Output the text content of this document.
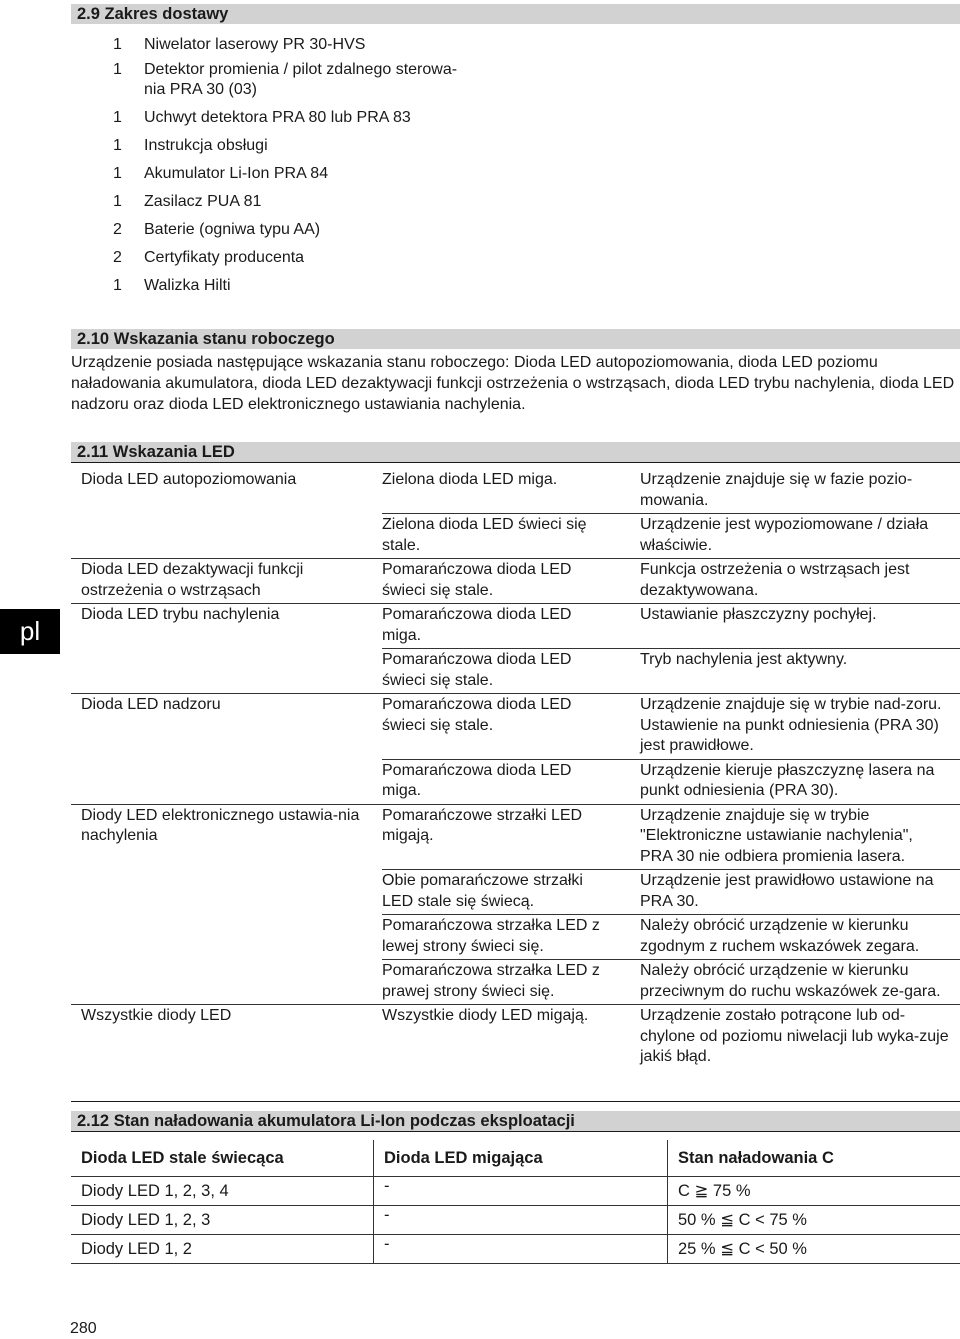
2.9 Zakres dostawy
1 Niwelator laserowy PR 30-HVS
1 Detektor promienia / pilot zdalnego sterowa-
nia PRA 30 (03)
1 Uchwyt detektora PRA 80 lub PRA 83
1 Instrukcja obsługi
1 Akumulator Li-Ion PRA 84
1 Zasilacz PUA 81
2 Baterie (ogniwa typu AA)
2 Certyfikaty producenta
1 Walizka Hilti
2.10 Wskazania stanu roboczego

Urządzenie posiada następujące wskazania stanu roboczego: Dioda LED autopoziomowania, dioda LED poziomu naładowania akumulatora, dioda LED dezaktywacji funkcji ostrzeżenia o wstrząsach, dioda LED trybu nachylenia, dioda LED nadzoru oraz dioda LED elektronicznego ustawiania nachylenia.

pl
2.11 Wskazania LED
Dioda LED autopoziomowania	Zielona dioda LED miga.	Urządzenie znajduje się w fazie pozio-mowania.
	Zielona dioda LED świeci się stale.	Urządzenie jest wypoziomowane / działa właściwie.
Dioda LED dezaktywacji funkcji ostrzeżenia o wstrząsach	Pomarańczowa dioda LED świeci się stale.	Funkcja ostrzeżenia o wstrząsach jest dezaktywowana.
Dioda LED trybu nachylenia	Pomarańczowa dioda LED miga.	Ustawianie płaszczyzny pochyłej.
	Pomarańczowa dioda LED świeci się stale.	Tryb nachylenia jest aktywny.
Dioda LED nadzoru	Pomarańczowa dioda LED świeci się stale.	Urządzenie znajduje się w trybie nad-zoru. Ustawienie na punkt odniesienia (PRA 30) jest prawidłowe.
	Pomarańczowa dioda LED miga.	Urządzenie kieruje płaszczyznę lasera na punkt odniesienia (PRA 30).
Diody LED elektronicznego ustawia-nia nachylenia	Pomarańczowe strzałki LED migają.	Urządzenie znajduje się w trybie "Elektroniczne ustawianie nachylenia", PRA 30 nie odbiera promienia lasera.
	Obie pomarańczowe strzałki LED stale się świecą.	Urządzenie jest prawidłowo ustawione na PRA 30.
	Pomarańczowa strzałka LED z lewej strony świeci się.	Należy obrócić urządzenie w kierunku zgodnym z ruchem wskazówek zegara.
	Pomarańczowa strzałka LED z prawej strony świeci się.	Należy obrócić urządzenie w kierunku przeciwnym do ruchu wskazówek ze-gara.
Wszystkie diody LED	Wszystkie diody LED migają.	Urządzenie zostało potrącone lub od-chylone od poziomu niwelacji lub wyka-zuje jakiś błąd.
2.12 Stan naładowania akumulatora Li-Ion podczas eksploatacji
Dioda LED stale świecąca	Dioda LED migająca	Stan naładowania C
Diody LED 1, 2, 3, 4	-	C ≧ 75 %
Diody LED 1, 2, 3	-	50 % ≦ C < 75 %
Diody LED 1, 2	-	25 % ≦ C < 50 %
280
